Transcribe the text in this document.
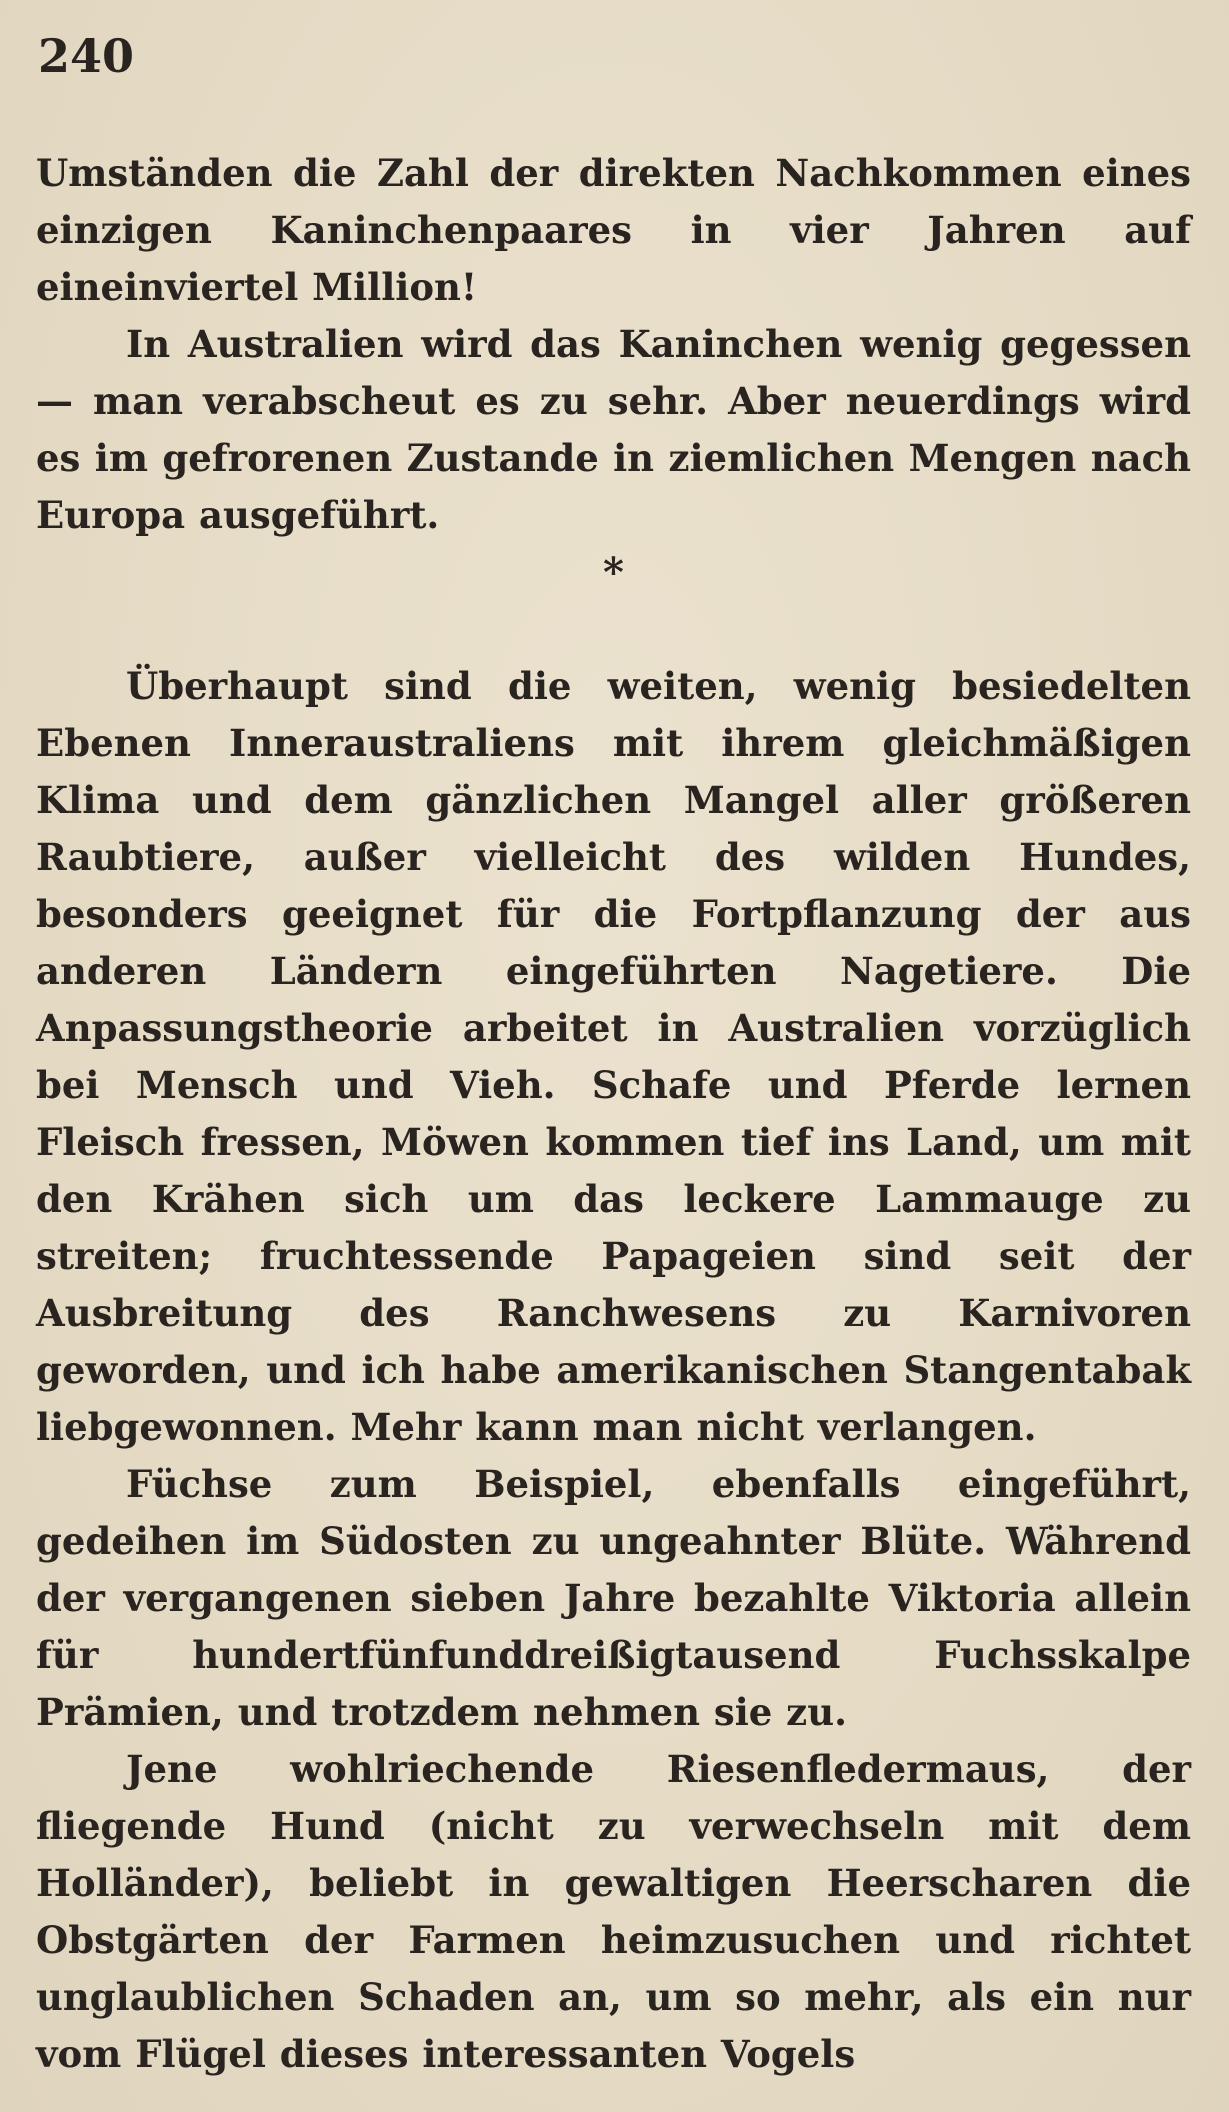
240

Umständen die Zahl der direkten Nachkommen eines einzigen Kaninchenpaares in vier Jahren auf eineinviertel Million!

In Australien wird das Kaninchen wenig gegessen — man verabscheut es zu sehr. Aber neuerdings wird es im gefrorenen Zustande in ziemlichen Mengen nach Europa ausgeführt.

*

Überhaupt sind die weiten, wenig besiedelten Ebenen Inneraustraliens mit ihrem gleichmäßigen Klima und dem gänzlichen Mangel aller größeren Raubtiere, außer vielleicht des wilden Hundes, besonders geeignet für die Fortpflanzung der aus anderen Ländern eingeführten Nagetiere. Die Anpassungstheorie arbeitet in Australien vorzüglich bei Mensch und Vieh. Schafe und Pferde lernen Fleisch fressen, Möwen kommen tief ins Land, um mit den Krähen sich um das leckere Lammauge zu streiten; fruchtessende Papageien sind seit der Ausbreitung des Ranchwesens zu Karnivoren geworden, und ich habe amerikanischen Stangentabak liebgewonnen. Mehr kann man nicht verlangen.

Füchse zum Beispiel, ebenfalls eingeführt, gedeihen im Südosten zu ungeahnter Blüte. Während der vergangenen sieben Jahre bezahlte Viktoria allein für hundertfünfunddreißigtausend Fuchsskalpe Prämien, und trotzdem nehmen sie zu.

Jene wohlriechende Riesenfledermaus, der fliegende Hund (nicht zu verwechseln mit dem Holländer), beliebt in gewaltigen Heerscharen die Obstgärten der Farmen heimzusuchen und richtet unglaublichen Schaden an, um so mehr, als ein nur vom Flügel dieses interessanten Vogels
